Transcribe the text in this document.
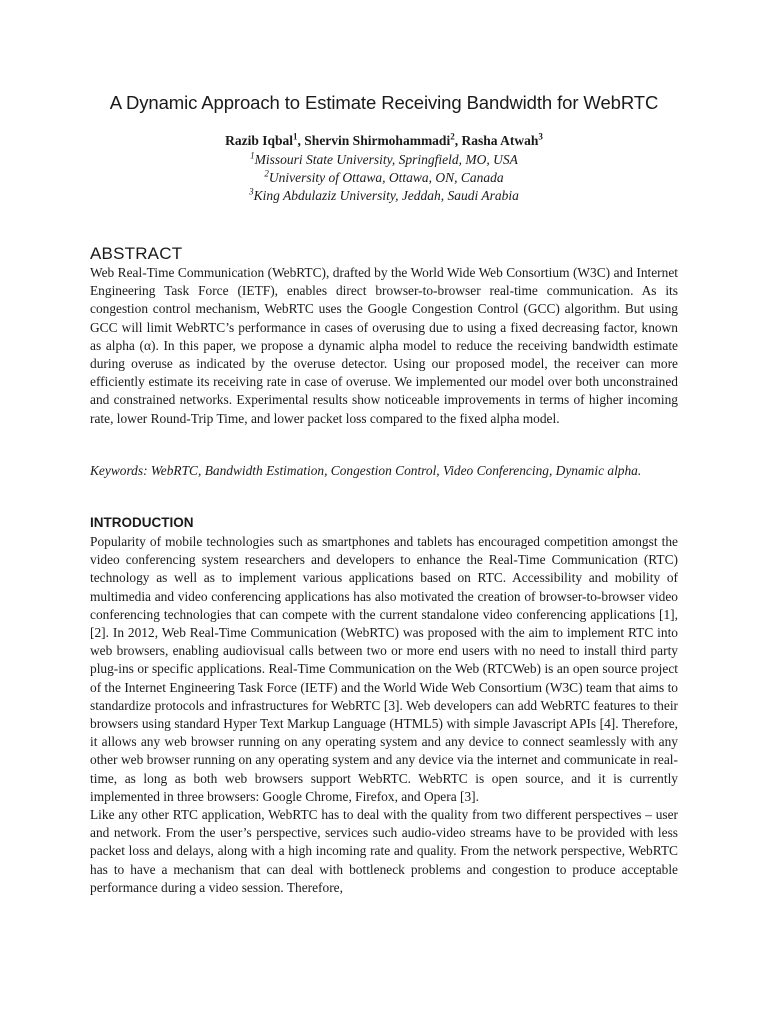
A Dynamic Approach to Estimate Receiving Bandwidth for WebRTC
Razib Iqbal$^1$, Shervin Shirmohammadi$^2$, Rasha Atwah$^3$
$^1$Missouri State University, Springfield, MO, USA
$^2$University of Ottawa, Ottawa, ON, Canada
$^3$King Abdulaziz University, Jeddah, Saudi Arabia
ABSTRACT
Web Real-Time Communication (WebRTC), drafted by the World Wide Web Consortium (W3C) and Internet Engineering Task Force (IETF), enables direct browser-to-browser real-time communication. As its congestion control mechanism, WebRTC uses the Google Congestion Control (GCC) algorithm. But using GCC will limit WebRTC’s performance in cases of overusing due to using a fixed decreasing factor, known as alpha (α). In this paper, we propose a dynamic alpha model to reduce the receiving bandwidth estimate during overuse as indicated by the overuse detector. Using our proposed model, the receiver can more efficiently estimate its receiving rate in case of overuse. We implemented our model over both unconstrained and constrained networks. Experimental results show noticeable improvements in terms of higher incoming rate, lower Round-Trip Time, and lower packet loss compared to the fixed alpha model.
Keywords: WebRTC, Bandwidth Estimation, Congestion Control, Video Conferencing, Dynamic alpha.
INTRODUCTION

Popularity of mobile technologies such as smartphones and tablets has encouraged competition amongst the video conferencing system researchers and developers to enhance the Real-Time Communication (RTC) technology as well as to implement various applications based on RTC. Accessibility and mobility of multimedia and video conferencing applications has also motivated the creation of browser-to-browser video conferencing technologies that can compete with the current standalone video conferencing applications [1],[2]. In 2012, Web Real-Time Communication (WebRTC) was proposed with the aim to implement RTC into web browsers, enabling audiovisual calls between two or more end users with no need to install third party plug-ins or specific applications. Real-Time Communication on the Web (RTCWeb) is an open source project of the Internet Engineering Task Force (IETF) and the World Wide Web Consortium (W3C) team that aims to standardize protocols and infrastructures for WebRTC [3]. Web developers can add WebRTC features to their browsers using standard Hyper Text Markup Language (HTML5) with simple Javascript APIs [4]. Therefore, it allows any web browser running on any operating system and any device to connect seamlessly with any other web browser running on any operating system and any device via the internet and communicate in real-time, as long as both web browsers support WebRTC. WebRTC is open source, and it is currently implemented in three browsers: Google Chrome, Firefox, and Opera [3].

Like any other RTC application, WebRTC has to deal with the quality from two different perspectives – user and network. From the user’s perspective, services such audio-video streams have to be provided with less packet loss and delays, along with a high incoming rate and quality. From the network perspective, WebRTC has to have a mechanism that can deal with bottleneck problems and congestion to produce acceptable performance during a video session. Therefore,
